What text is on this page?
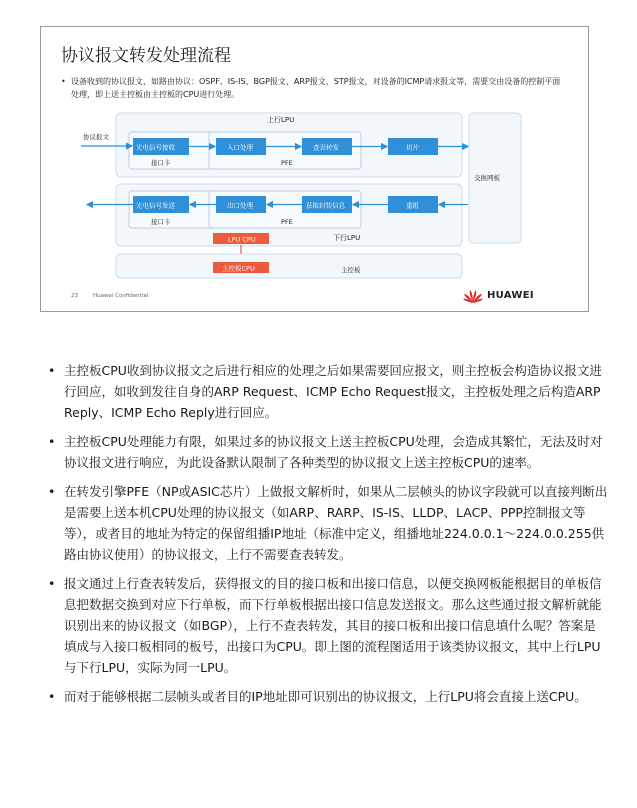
协议报文转发处理流程
• 设备收到的协议报文，如路由协议：OSPF、IS-IS、BGP报文，ARP报文，STP报文，对设备的ICMP请求报文等，需要交由设备的控制平面处理，即上送主控板由主控板的CPU进行处理。
上行LPU
光电信号接收
接口卡
入口处理
PFE
查表转发	切片
协议报文
交换网板
光电信号发送
接口卡
出口处理
PFE
获取封装信息	重组
下行LPU
LPU CPU
主控板CPU	主控板
23	Huawei Confidential	HUAWEI
• 主控板CPU收到协议报文之后进行相应的处理之后如果需要回应报文，则主控板会构造协议报文进行回应，如收到发往自身的ARP Request、ICMP Echo Request报文，主控板处理之后构造ARP Reply、ICMP Echo Reply进行回应。
• 主控板CPU处理能力有限，如果过多的协议报文上送主控板CPU处理，会造成其繁忙，无法及时对协议报文进行响应，为此设备默认限制了各种类型的协议报文上送主控板CPU的速率。
• 在转发引擎PFE（NP或ASIC芯片）上做报文解析时，如果从二层帧头的协议字段就可以直接判断出是需要上送本机CPU处理的协议报文（如ARP、RARP、IS-IS、LLDP、LACP、PPP控制报文等等），或者目的地址为特定的保留组播IP地址（标准中定义，组播地址224.0.0.1～224.0.0.255供路由协议使用）的协议报文，上行不需要查表转发。
• 报文通过上行查表转发后，获得报文的目的接口板和出接口信息，以便交换网板能根据目的单板信息把数据交换到对应下行单板，而下行单板根据出接口信息发送报文。那么这些通过报文解析就能识别出来的协议报文（如BGP），上行不查表转发，其目的接口板和出接口信息填什么呢？答案是填成与入接口板相同的板号，出接口为CPU。即上图的流程图适用于该类协议报文，其中上行LPU与下行LPU，实际为同一LPU。
• 而对于能够根据二层帧头或者目的IP地址即可识别出的协议报文，上行LPU将会直接上送CPU。
